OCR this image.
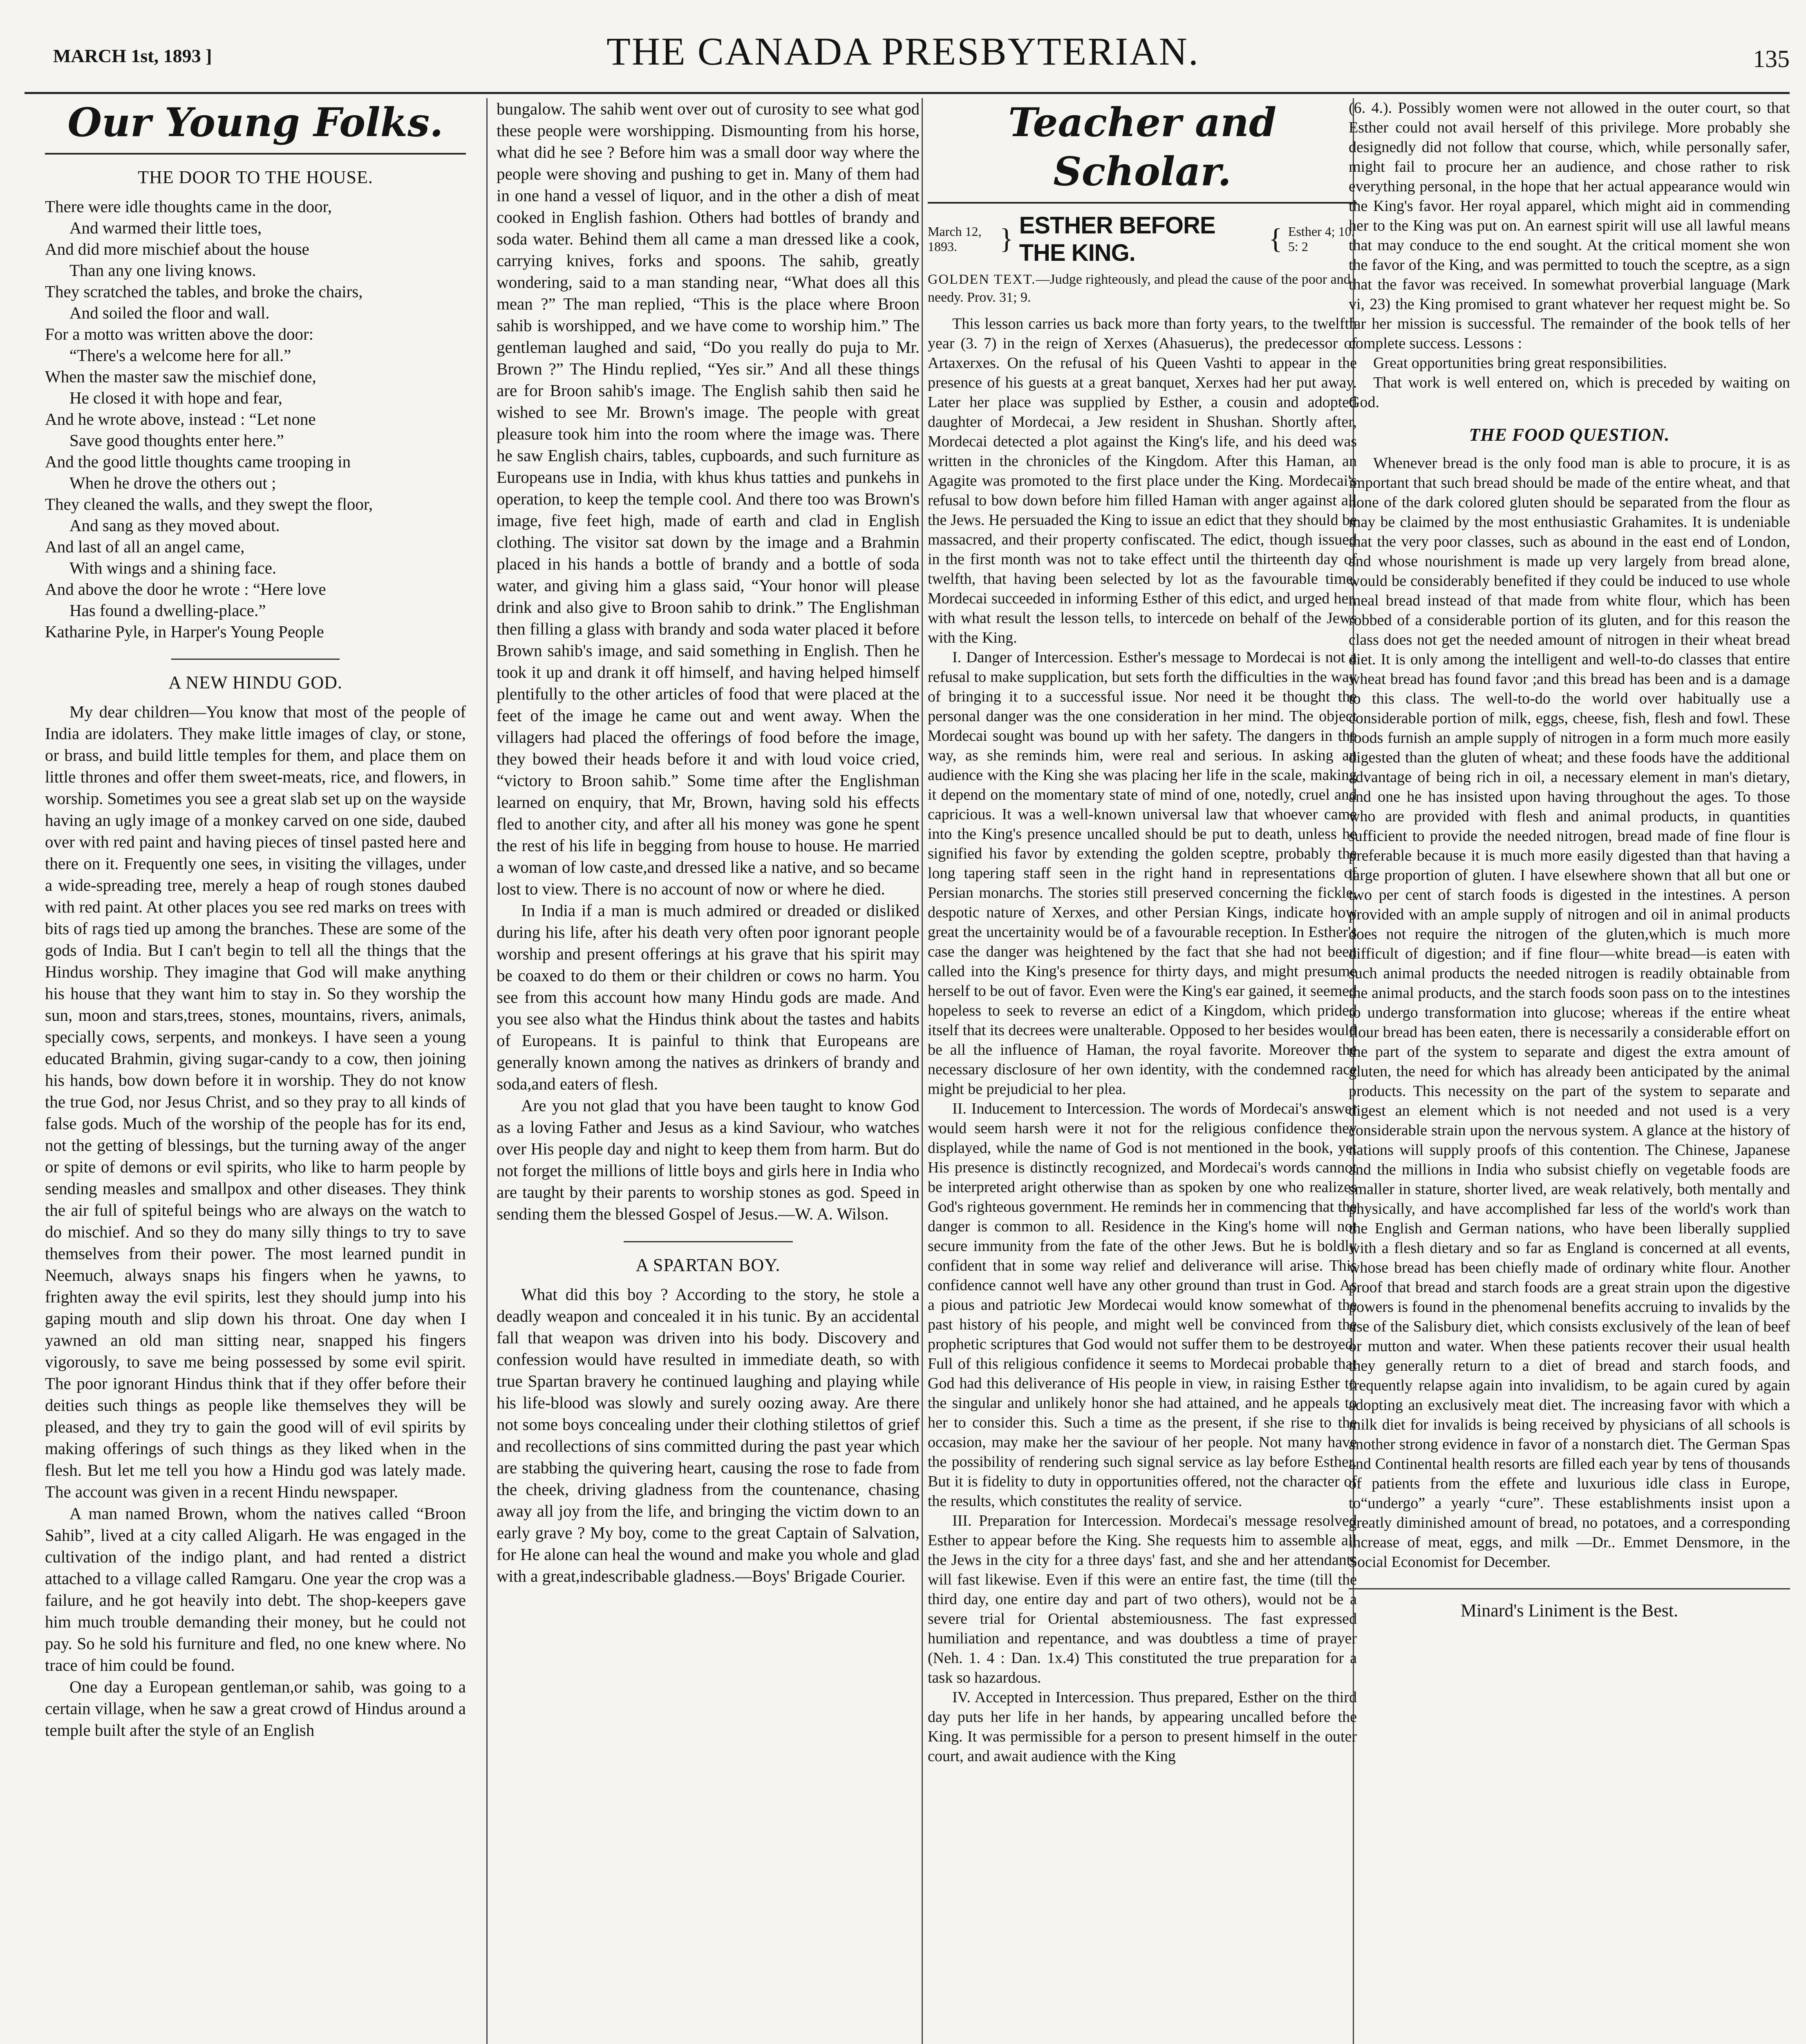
MARCH 1st, 1893 ]	THE CANADA PRESBYTERIAN.	135
Our Young Folks.
THE DOOR TO THE HOUSE.

There were idle thoughts came in the door,

And warmed their little toes,

And did more mischief about the house

Than any one living knows.

They scratched the tables, and broke the chairs,

And soiled the floor and wall.

For a motto was written above the door:

“There's a welcome here for all.”

When the master saw the mischief done,

He closed it with hope and fear,

And he wrote above, instead : “Let none

Save good thoughts enter here.”

And the good little thoughts came trooping in

When he drove the others out ;

They cleaned the walls, and they swept the floor,

And sang as they moved about.

And last of all an angel came,

With wings and a shining face.

And above the door he wrote : “Here love

Has found a dwelling-place.”

Katharine Pyle, in Harper's Young People

A NEW HINDU GOD.

My dear children—You know that most of the people of India are idolaters. They make little images of clay, or stone, or brass, and build little temples for them, and place them on little thrones and offer them sweet-meats, rice, and flowers, in worship. Sometimes you see a great slab set up on the wayside having an ugly image of a monkey carved on one side, daubed over with red paint and having pieces of tinsel pasted here and there on it. Frequently one sees, in visiting the villages, under a wide-spreading tree, merely a heap of rough stones daubed with red paint. At other places you see red marks on trees with bits of rags tied up among the branches. These are some of the gods of India. But I can't begin to tell all the things that the Hindus worship. They imagine that God will make anything his house that they want him to stay in. So they worship the sun, moon and stars,trees, stones, mountains, rivers, animals, specially cows, serpents, and monkeys. I have seen a young educated Brahmin, giving sugar-candy to a cow, then joining his hands, bow down before it in worship. They do not know the true God, nor Jesus Christ, and so they pray to all kinds of false gods. Much of the worship of the people has for its end, not the getting of blessings, but the turning away of the anger or spite of demons or evil spirits, who like to harm people by sending measles and smallpox and other diseases. They think the air full of spiteful beings who are always on the watch to do mischief. And so they do many silly things to try to save themselves from their power. The most learned pundit in Neemuch, always snaps his fingers when he yawns, to frighten away the evil spirits, lest they should jump into his gaping mouth and slip down his throat. One day when I yawned an old man sitting near, snapped his fingers vigorously, to save me being possessed by some evil spirit. The poor ignorant Hindus think that if they offer before their deities such things as people like themselves they will be pleased, and they try to gain the good will of evil spirits by making offerings of such things as they liked when in the flesh. But let me tell you how a Hindu god was lately made. The account was given in a recent Hindu newspaper.

A man named Brown, whom the natives called “Broon Sahib”, lived at a city called Aligarh. He was engaged in the cultivation of the indigo plant, and had rented a district attached to a village called Ramgaru. One year the crop was a failure, and he got heavily into debt. The shop-keepers gave him much trouble demanding their money, but he could not pay. So he sold his furniture and fled, no one knew where. No trace of him could be found.

One day a European gentleman,or sahib, was going to a certain village, when he saw a great crowd of Hindus around a temple built after the style of an English

bungalow. The sahib went over out of curosity to see what god these people were worshipping. Dismounting from his horse, what did he see ? Before him was a small door way where the people were shoving and pushing to get in. Many of them had in one hand a vessel of liquor, and in the other a dish of meat cooked in English fashion. Others had bottles of brandy and soda water. Behind them all came a man dressed like a cook, carrying knives, forks and spoons. The sahib, greatly wondering, said to a man standing near, “What does all this mean ?” The man replied, “This is the place where Broon sahib is worshipped, and we have come to worship him.” The gentleman laughed and said, “Do you really do puja to Mr. Brown ?” The Hindu replied, “Yes sir.” And all these things are for Broon sahib's image. The English sahib then said he wished to see Mr. Brown's image. The people with great pleasure took him into the room where the image was. There he saw English chairs, tables, cupboards, and such furniture as Europeans use in India, with khus khus tatties and punkehs in operation, to keep the temple cool. And there too was Brown's image, five feet high, made of earth and clad in English clothing. The visitor sat down by the image and a Brahmin placed in his hands a bottle of brandy and a bottle of soda water, and giving him a glass said, “Your honor will please drink and also give to Broon sahib to drink.” The Englishman then filling a glass with brandy and soda water placed it before Brown sahib's image, and said something in English. Then he took it up and drank it off himself, and having helped himself plentifully to the other articles of food that were placed at the feet of the image he came out and went away. When the villagers had placed the offerings of food before the image, they bowed their heads before it and with loud voice cried, “victory to Broon sahib.” Some time after the Englishman learned on enquiry, that Mr, Brown, having sold his effects fled to another city, and after all his money was gone he spent the rest of his life in begging from house to house. He married a woman of low caste,and dressed like a native, and so became lost to view. There is no account of now or where he died.

In India if a man is much admired or dreaded or disliked during his life, after his death very often poor ignorant people worship and present offerings at his grave that his spirit may be coaxed to do them or their children or cows no harm. You see from this account how many Hindu gods are made. And you see also what the Hindus think about the tastes and habits of Europeans. It is painful to think that Europeans are generally known among the natives as drinkers of brandy and soda,and eaters of flesh.

Are you not glad that you have been taught to know God as a loving Father and Jesus as a kind Saviour, who watches over His people day and night to keep them from harm. But do not forget the millions of little boys and girls here in India who are taught by their parents to worship stones as god. Speed in sending them the blessed Gospel of Jesus.—W. A. Wilson.

A SPARTAN BOY.

What did this boy ? According to the story, he stole a deadly weapon and concealed it in his tunic. By an accidental fall that weapon was driven into his body. Discovery and confession would have resulted in immediate death, so with true Spartan bravery he continued laughing and playing while his life-blood was slowly and surely oozing away. Are there not some boys concealing under their clothing stilettos of grief and recollections of sins committed during the past year which are stabbing the quivering heart, causing the rose to fade from the cheek, driving gladness from the countenance, chasing away all joy from the life, and bringing the victim down to an early grave ? My boy, come to the great Captain of Salvation, for He alone can heal the wound and make you whole and glad with a great,indescribable gladness.—Boys' Brigade Courier.

Teacher and Scholar.
March 12, 1893.	} ESTHER BEFORE THE KING.	{ Esther 4; 10. 5: 2
GOLDEN TEXT.—Judge righteously, and plead the cause of the poor and needy. Prov. 31; 9.

This lesson carries us back more than forty years, to the twelfth year (3. 7) in the reign of Xerxes (Ahasuerus), the predecessor of Artaxerxes. On the refusal of his Queen Vashti to appear in the presence of his guests at a great banquet, Xerxes had her put away. Later her place was supplied by Esther, a cousin and adopted daughter of Mordecai, a Jew resident in Shushan. Shortly after, Mordecai detected a plot against the King's life, and his deed was written in the chronicles of the Kingdom. After this Haman, an Agagite was promoted to the first place under the King. Mordecai's refusal to bow down before him filled Haman with anger against all the Jews. He persuaded the King to issue an edict that they should be massacred, and their property confiscated. The edict, though issued in the first month was not to take effect until the thirteenth day of twelfth, that having been selected by lot as the favourable time. Mordecai succeeded in informing Esther of this edict, and urged her, with what result the lesson tells, to intercede on behalf of the Jews with the King.

I. Danger of Intercession. Esther's message to Mordecai is not a refusal to make supplication, but sets forth the difficulties in the way of bringing it to a successful issue. Nor need it be thought the personal danger was the one consideration in her mind. The object Mordecai sought was bound up with her safety. The dangers in the way, as she reminds him, were real and serious. In asking an audience with the King she was placing her life in the scale, making it depend on the momentary state of mind of one, notedly, cruel and capricious. It was a well-known universal law that whoever came into the King's presence uncalled should be put to death, unless he signified his favor by extending the golden sceptre, probably the long tapering staff seen in the right hand in representations of Persian monarchs. The stories still preserved concerning the fickle, despotic nature of Xerxes, and other Persian Kings, indicate how great the uncertainity would be of a favourable reception. In Esther's case the danger was heightened by the fact that she had not been called into the King's presence for thirty days, and might presume herself to be out of favor. Even were the King's ear gained, it seemed hopeless to seek to reverse an edict of a Kingdom, which prided itself that its decrees were unalterable. Opposed to her besides would be all the influence of Haman, the royal favorite. Moreover the necessary disclosure of her own identity, with the condemned race might be prejudicial to her plea.

II. Inducement to Intercession. The words of Mordecai's answer would seem harsh were it not for the religious confidence they displayed, while the name of God is not mentioned in the book, yet His presence is distinctly recognized, and Mordecai's words cannot be interpreted aright otherwise than as spoken by one who realizes God's righteous government. He reminds her in commencing that the danger is common to all. Residence in the King's home will not secure immunity from the fate of the other Jews. But he is boldly confident that in some way relief and deliverance will arise. This confidence cannot well have any other ground than trust in God. As a pious and patriotic Jew Mordecai would know somewhat of the past history of his people, and might well be convinced from the prophetic scriptures that God would not suffer them to be destroyed. Full of this religious confidence it seems to Mordecai probable that God had this deliverance of His people in view, in raising Esther to the singular and unlikely honor she had attained, and he appeals to her to consider this. Such a time as the present, if she rise to the occasion, may make her the saviour of her people. Not many have the possibility of rendering such signal service as lay before Esther. But it is fidelity to duty in opportunities offered, not the character of the results, which constitutes the reality of service.

III. Preparation for Intercession. Mordecai's message resolved Esther to appear before the King. She requests him to assemble all the Jews in the city for a three days' fast, and she and her attendants will fast likewise. Even if this were an entire fast, the time (till the third day, one entire day and part of two others), would not be a severe trial for Oriental abstemiousness. The fast expressed humiliation and repentance, and was doubtless a time of prayer (Neh. 1. 4 : Dan. 1x.4) This constituted the true preparation for a task so hazardous.

IV. Accepted in Intercession. Thus prepared, Esther on the third day puts her life in her hands, by appearing uncalled before the King. It was permissible for a person to present himself in the outer court, and await audience with the King

(6. 4.). Possibly women were not allowed in the outer court, so that Esther could not avail herself of this privilege. More probably she designedly did not follow that course, which, while personally safer, might fail to procure her an audience, and chose rather to risk everything personal, in the hope that her actual appearance would win the King's favor. Her royal apparel, which might aid in commending her to the King was put on. An earnest spirit will use all lawful means that may conduce to the end sought. At the critical moment she won the favor of the King, and was permitted to touch the sceptre, as a sign that the favor was received. In somewhat proverbial language (Mark vi, 23) the King promised to grant whatever her request might be. So far her mission is successful. The remainder of the book tells of her complete success. Lessons :

Great opportunities bring great responsibilities.

That work is well entered on, which is preceded by waiting on God.

THE FOOD QUESTION.

Whenever bread is the only food man is able to procure, it is as important that such bread should be made of the entire wheat, and that none of the dark colored gluten should be separated from the flour as may be claimed by the most enthusiastic Grahamites. It is undeniable that the very poor classes, such as abound in the east end of London, and whose nourishment is made up very largely from bread alone, would be considerably benefited if they could be induced to use whole meal bread instead of that made from white flour, which has been robbed of a considerable portion of its gluten, and for this reason the class does not get the needed amount of nitrogen in their wheat bread diet. It is only among the intelligent and well-to-do classes that entire wheat bread has found favor ;and this bread has been and is a damage to this class. The well-to-do the world over habitually use a considerable portion of milk, eggs, cheese, fish, flesh and fowl. These foods furnish an ample supply of nitrogen in a form much more easily digested than the gluten of wheat; and these foods have the additional advantage of being rich in oil, a necessary element in man's dietary, and one he has insisted upon having throughout the ages. To those who are provided with flesh and animal products, in quantities sufficient to provide the needed nitrogen, bread made of fine flour is preferable because it is much more easily digested than that having a large proportion of gluten. I have elsewhere shown that all but one or two per cent of starch foods is digested in the intestines. A person provided with an ample supply of nitrogen and oil in animal products does not require the nitrogen of the gluten,which is much more difficult of digestion; and if fine flour—white bread—is eaten with such animal products the needed nitrogen is readily obtainable from the animal products, and the starch foods soon pass on to the intestines to undergo transformation into glucose; whereas if the entire wheat flour bread has been eaten, there is necessarily a considerable effort on the part of the system to separate and digest the extra amount of gluten, the need for which has already been anticipated by the animal products. This necessity on the part of the system to separate and digest an element which is not needed and not used is a very considerable strain upon the nervous system. A glance at the history of nations will supply proofs of this contention. The Chinese, Japanese and the millions in India who subsist chiefly on vegetable foods are smaller in stature, shorter lived, are weak relatively, both mentally and physically, and have accomplished far less of the world's work than the English and German nations, who have been liberally supplied with a flesh dietary and so far as England is concerned at all events, whose bread has been chiefly made of ordinary white flour. Another proof that bread and starch foods are a great strain upon the digestive powers is found in the phenomenal benefits accruing to invalids by the use of the Salisbury diet, which consists exclusively of the lean of beef or mutton and water. When these patients recover their usual health they generally return to a diet of bread and starch foods, and frequently relapse again into invalidism, to be again cured by again adopting an exclusively meat diet. The increasing favor with which a milk diet for invalids is being received by physicians of all schools is another strong evidence in favor of a nonstarch diet. The German Spas and Continental health resorts are filled each year by tens of thousands of patients from the effete and luxurious idle class in Europe, to“undergo” a yearly “cure”. These establishments insist upon a greatly diminished amount of bread, no potatoes, and a corresponding increase of meat, eggs, and milk —Dr.. Emmet Densmore, in the Social Economist for December.

Minard's Liniment is the Best.
